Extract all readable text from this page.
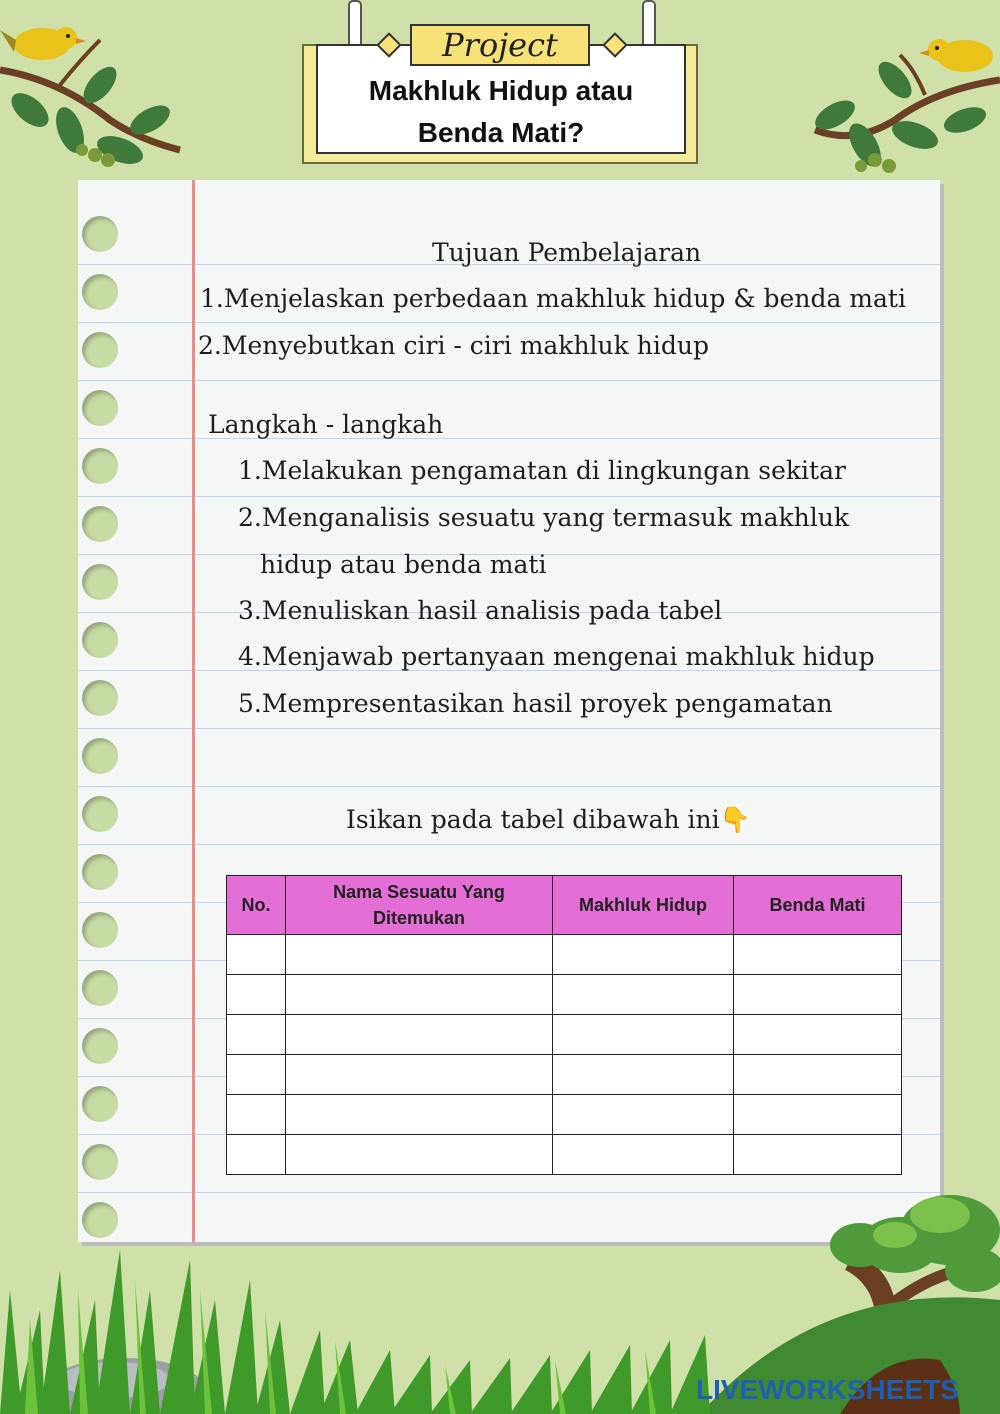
Project
Makhluk Hidup atau
Benda Mati?
Tujuan Pembelajaran
1.Menjelaskan perbedaan makhluk hidup & benda mati
2.Menyebutkan ciri - ciri makhluk hidup
Langkah - langkah
1.Melakukan pengamatan di lingkungan sekitar
2.Menganalisis sesuatu yang termasuk makhluk
hidup atau benda mati
3.Menuliskan hasil analisis pada tabel
4.Menjawab pertanyaan mengenai makhluk hidup
5.Mempresentasikan hasil proyek pengamatan
Isikan pada tabel dibawah ini👇
No.	Nama Sesuatu Yang Ditemukan	Makhluk Hidup	Benda Mati

LIVEWORKSHEETS
